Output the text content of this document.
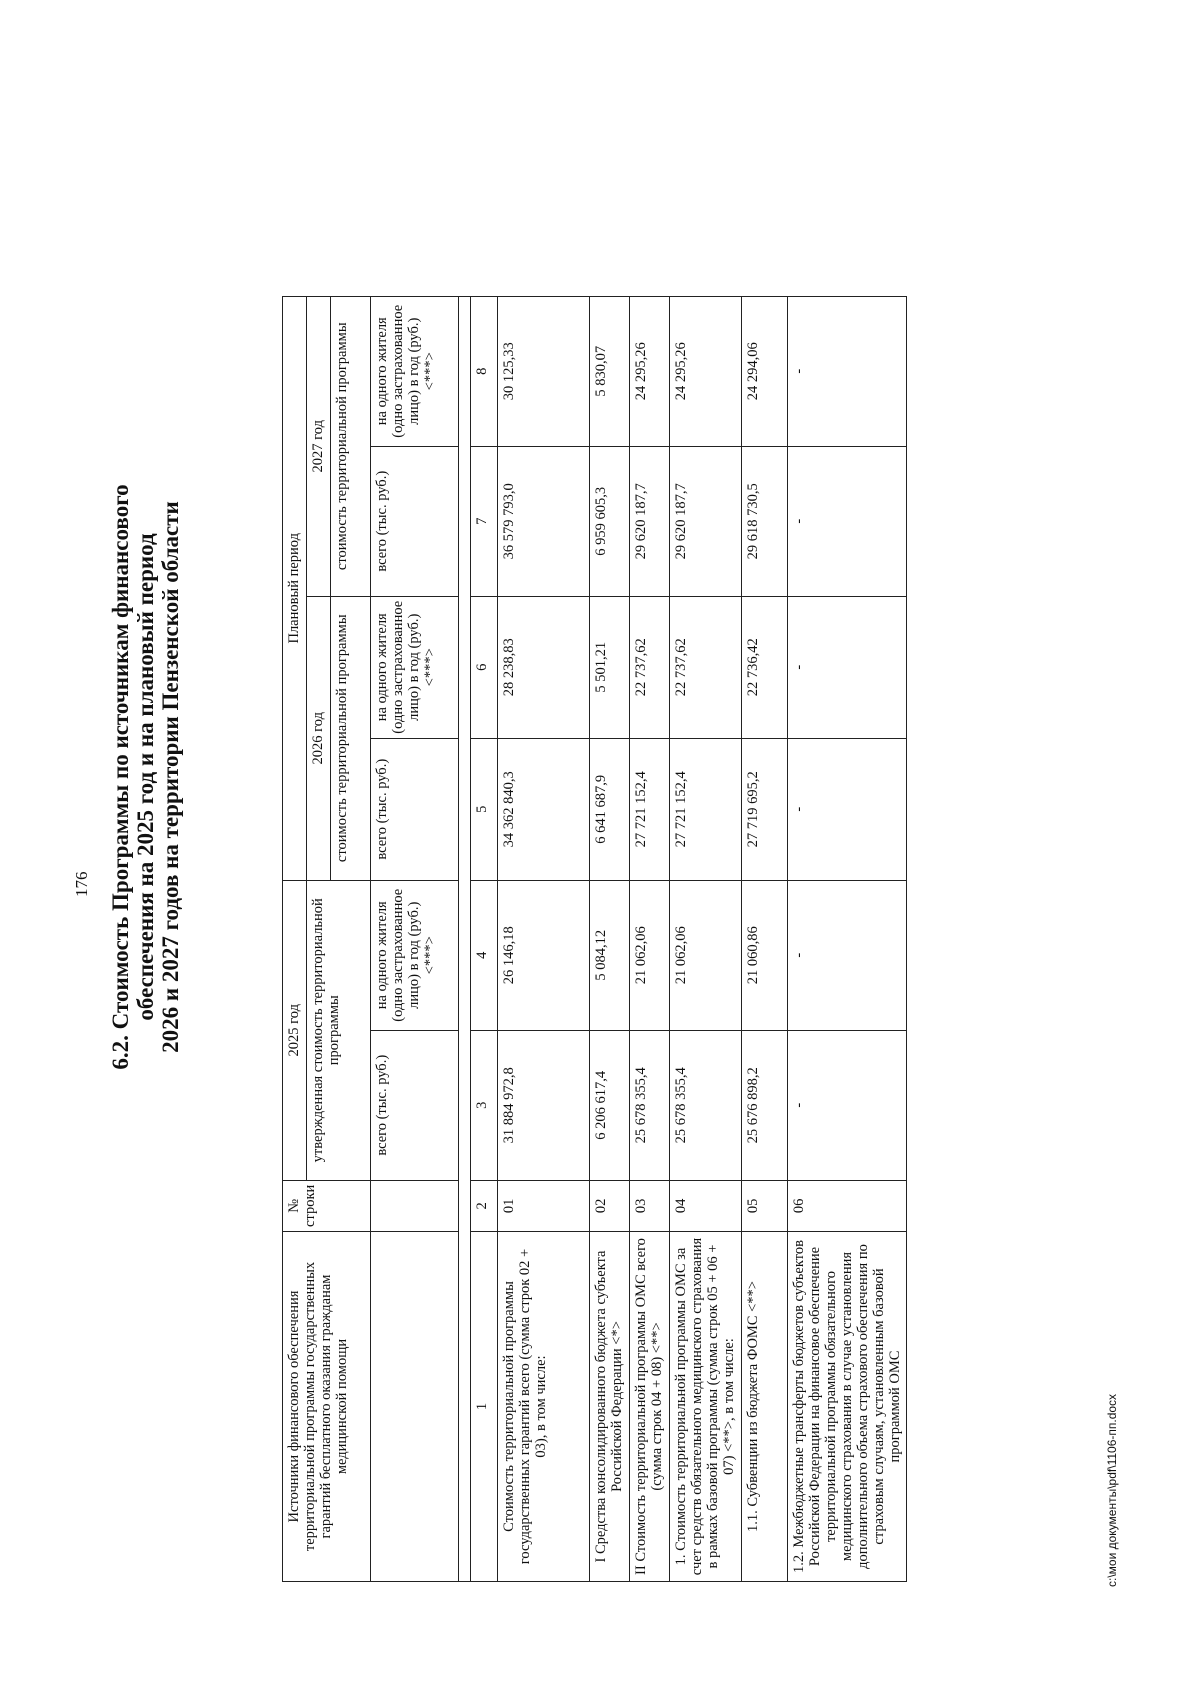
176 6.2. Стоимость Программы по источникам финансового обеспечения на 2025 год и на плановый период 2026 и 2027 годов на территории Пензенской области
Источники финансового обеспечения территориальной программы государственных гарантий бесплатного оказания гражданам медицинской помощи	№ строки	2025 год		Плановый период			
		утвержденная стоимость территориальной программы		2026 год		2027 год	
				стоимость территориальной программы		стоимость территориальной программы	
		всего (тыс. руб.)	на одного жителя (одно застрахованное лицо) в год (руб.) <***>	всего (тыс. руб.)	на одного жителя (одно застрахованное лицо) в год (руб.) <***>	всего (тыс. руб.)	на одного жителя (одно застрахованное лицо) в год (руб.) <***>

1	2	3	4	5	6	7	8
Стоимость территориальной программы государственных гарантий всего (сумма строк 02 + 03), в том числе:	01	31 884 972,8	26 146,18	34 362 840,3	28 238,83	36 579 793,0	30 125,33
I Средства консолидированного бюджета субъекта Российской Федерации <*>	02	6 206 617,4	5 084,12	6 641 687,9	5 501,21	6 959 605,3	5 830,07
II Стоимость территориальной программы ОМС всего (сумма строк 04 + 08) <**>	03	25 678 355,4	21 062,06	27 721 152,4	22 737,62	29 620 187,7	24 295,26
1. Стоимость территориальной программы ОМС за счет средств обязательного медицинского страхования в рамках базовой программы (сумма строк 05 + 06 + 07) <**>, в том числе:	04	25 678 355,4	21 062,06	27 721 152,4	22 737,62	29 620 187,7	24 295,26
1.1. Субвенции из бюджета ФОМС <**>	05	25 676 898,2	21 060,86	27 719 695,2	22 736,42	29 618 730,5	24 294,06
1.2. Межбюджетные трансферты бюджетов субъектов Российской Федерации на финансовое обеспечение территориальной программы обязательного медицинского страхования в случае установления дополнительного объема страхового обеспечения по страховым случаям, установленным базовой программой ОМС	06	-	-	-	-	-	-
c:\мои документы\pdf\1106-пп.docx
